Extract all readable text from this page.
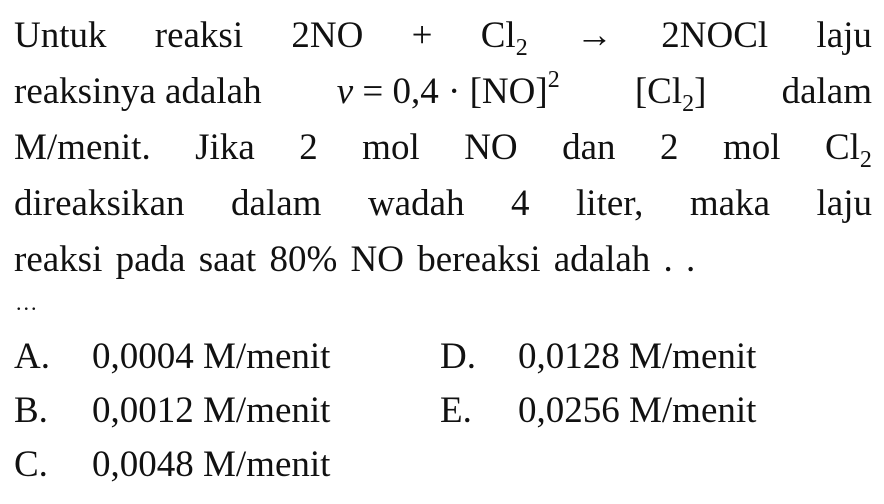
Untuk reaksi $2NO + Cl_2$ → 2NOCl laju
reaksinya adalah v = 0,4 · [NO]$^2$ $[Cl_2]$ dalam
M/menit. Jika 2 mol NO dan 2 mol $Cl_2$
direaksikan dalam wadah 4 liter, maka laju
reaksi pada saat 80% NO bereaksi adalah . .
...
A. 0,0004 M/menit
B. 0,0012 M/menit
C. 0,0048 M/menit
D. 0,0128 M/menit
E. 0,0256 M/menit
